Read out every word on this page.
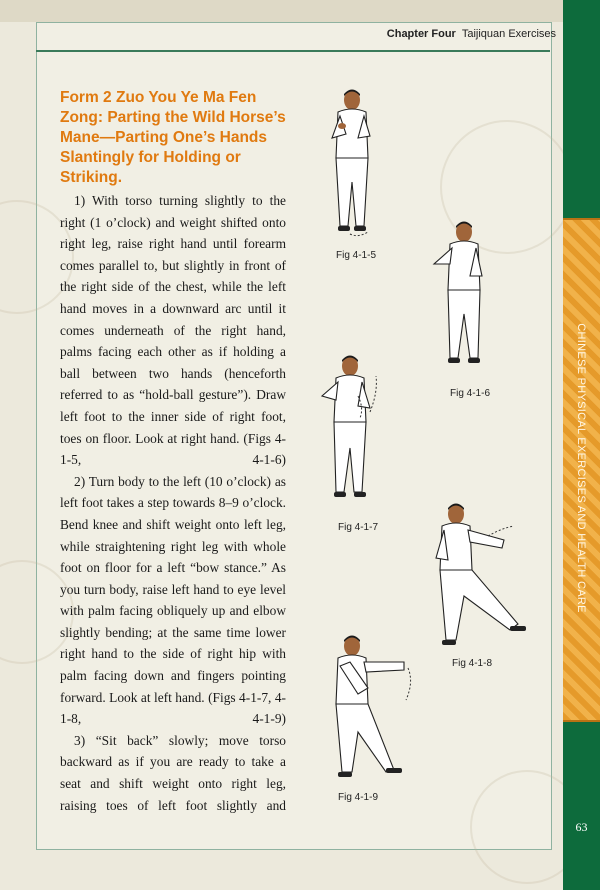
Chapter Four Taijiquan Exercises
CHINESE PHYSICAL EXERCISES AND HEALTH CARE
Form 2 Zuo You Ye Ma Fen Zong: Parting the Wild Horse’s Mane—Parting One’s Hands Slantingly for Holding or Striking.

1) With torso turning slightly to the right (1 o’clock) and weight shifted onto right leg, raise right hand until forearm comes parallel to, but slightly in front of the right side of the chest, while the left hand moves in a downward arc until it comes underneath of the right hand, palms facing each other as if holding a ball between two hands (henceforth referred to as “hold-ball gesture”). Draw left foot to the inner side of right foot, toes on floor. Look at right hand. (Figs 4-1-5, 4-1-6)

2) Turn body to the left (10 o’clock) as left foot takes a step towards 8–9 o’clock. Bend knee and shift weight onto left leg, while straightening right leg with whole foot on floor for a left “bow stance.” As you turn body, raise left hand to eye level with palm facing obliquely up and elbow slightly bending; at the same time lower right hand to the side of right hip with palm facing down and fingers pointing forward. Look at left hand. (Figs 4-1-7, 4-1-8, 4-1-9)

3) “Sit back” slowly; move torso backward as if you are ready to take a seat and shift weight onto right leg, raising toes of left foot slightly and

Fig 4-1-5
Fig 4-1-6
Fig 4-1-7
Fig 4-1-8
Fig 4-1-9
63
